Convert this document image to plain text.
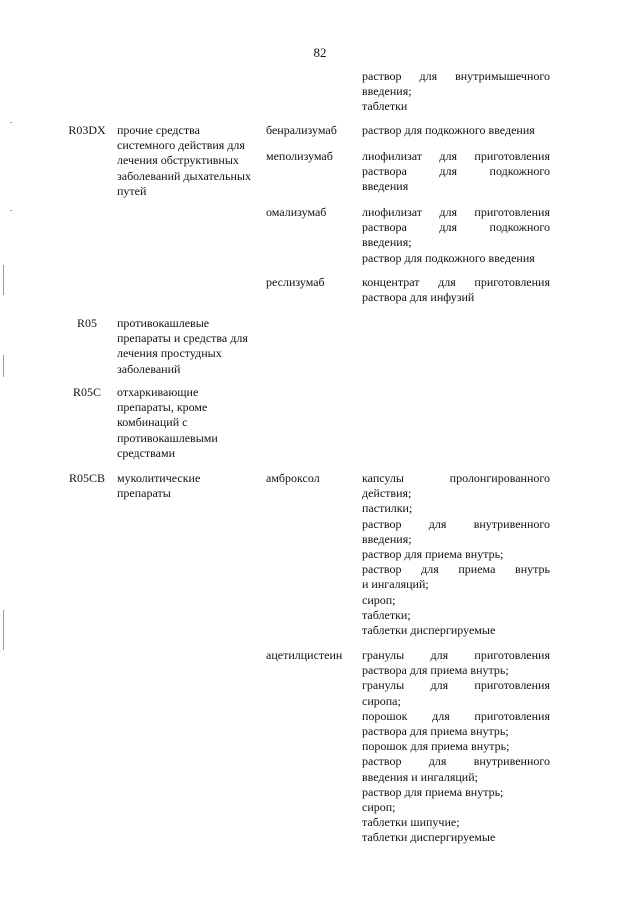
82
раствор для внутримышечного
введения;
таблетки
R03DX прочие средства системного действия для лечения обструктивных заболеваний дыхательных путей
бенрализумаб	раствор для подкожного введения
меполизумаб	лиофилизат для приготовления
раствора для подкожного
введения
омализумаб	лиофилизат для приготовления
раствора для подкожного
введения;
раствор для подкожного введения
реслизумаб	концентрат для приготовления
раствора для инфузий
R05	противокашлевые препараты и средства для лечения простудных заболеваний
R05C	отхаркивающие препараты, кроме комбинаций с противокашлевыми средствами
R05CB	муколитические препараты
амброксол	капсулы пролонгированного
действия;
пастилки;
раствор для внутривенного
введения;
раствор для приема внутрь;
раствор для приема внутрь
и ингаляций;
сироп;
таблетки;
таблетки диспергируемые
ацетилцистеин	гранулы для приготовления
раствора для приема внутрь;
гранулы для приготовления
сиропа;
порошок для приготовления
раствора для приема внутрь;
порошок для приема внутрь;
раствор для внутривенного
введения и ингаляций;
раствор для приема внутрь;
сироп;
таблетки шипучие;
таблетки диспергируемые
